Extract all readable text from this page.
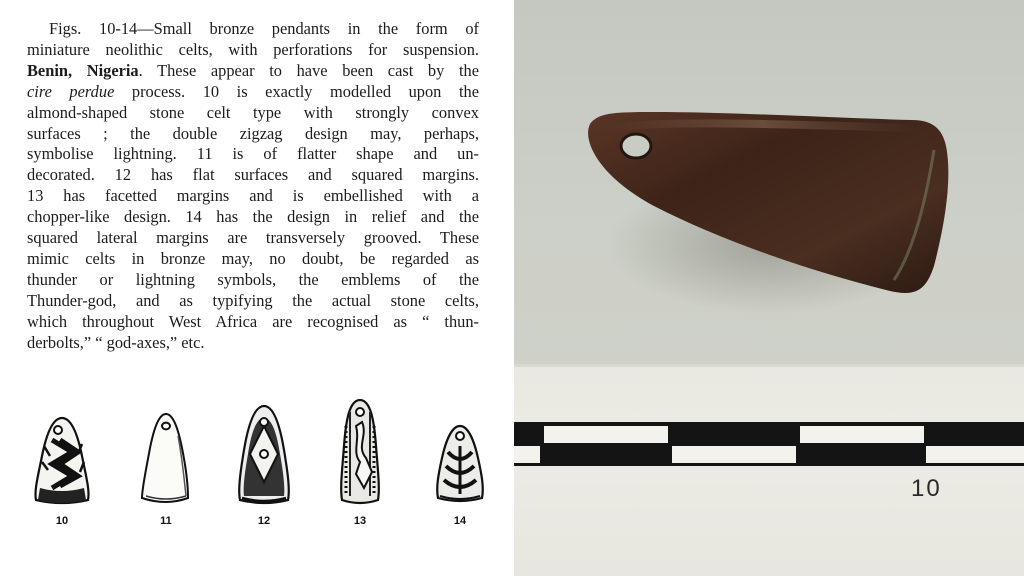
Figs. 10-14—Small bronze pendants in the form of
miniature neolithic celts, with perforations for suspension.
Benin, Nigeria. These appear to have been cast by the
cire perdue process. 10 is exactly modelled upon the
almond-shaped stone celt type with strongly convex
surfaces ; the double zigzag design may, perhaps,
symbolise lightning. 11 is of flatter shape and un-
decorated. 12 has flat surfaces and squared margins.
13 has facetted margins and is embellished with a
chopper-like design. 14 has the design in relief and the
squared lateral margins are transversely grooved. These
mimic celts in bronze may, no doubt, be regarded as
thunder or lightning symbols, the emblems of the
Thunder-god, and as typifying the actual stone celts,
which throughout West Africa are recognised as “ thun-
derbolts,” “ god-axes,” etc.
10	11	12	13	14
10
